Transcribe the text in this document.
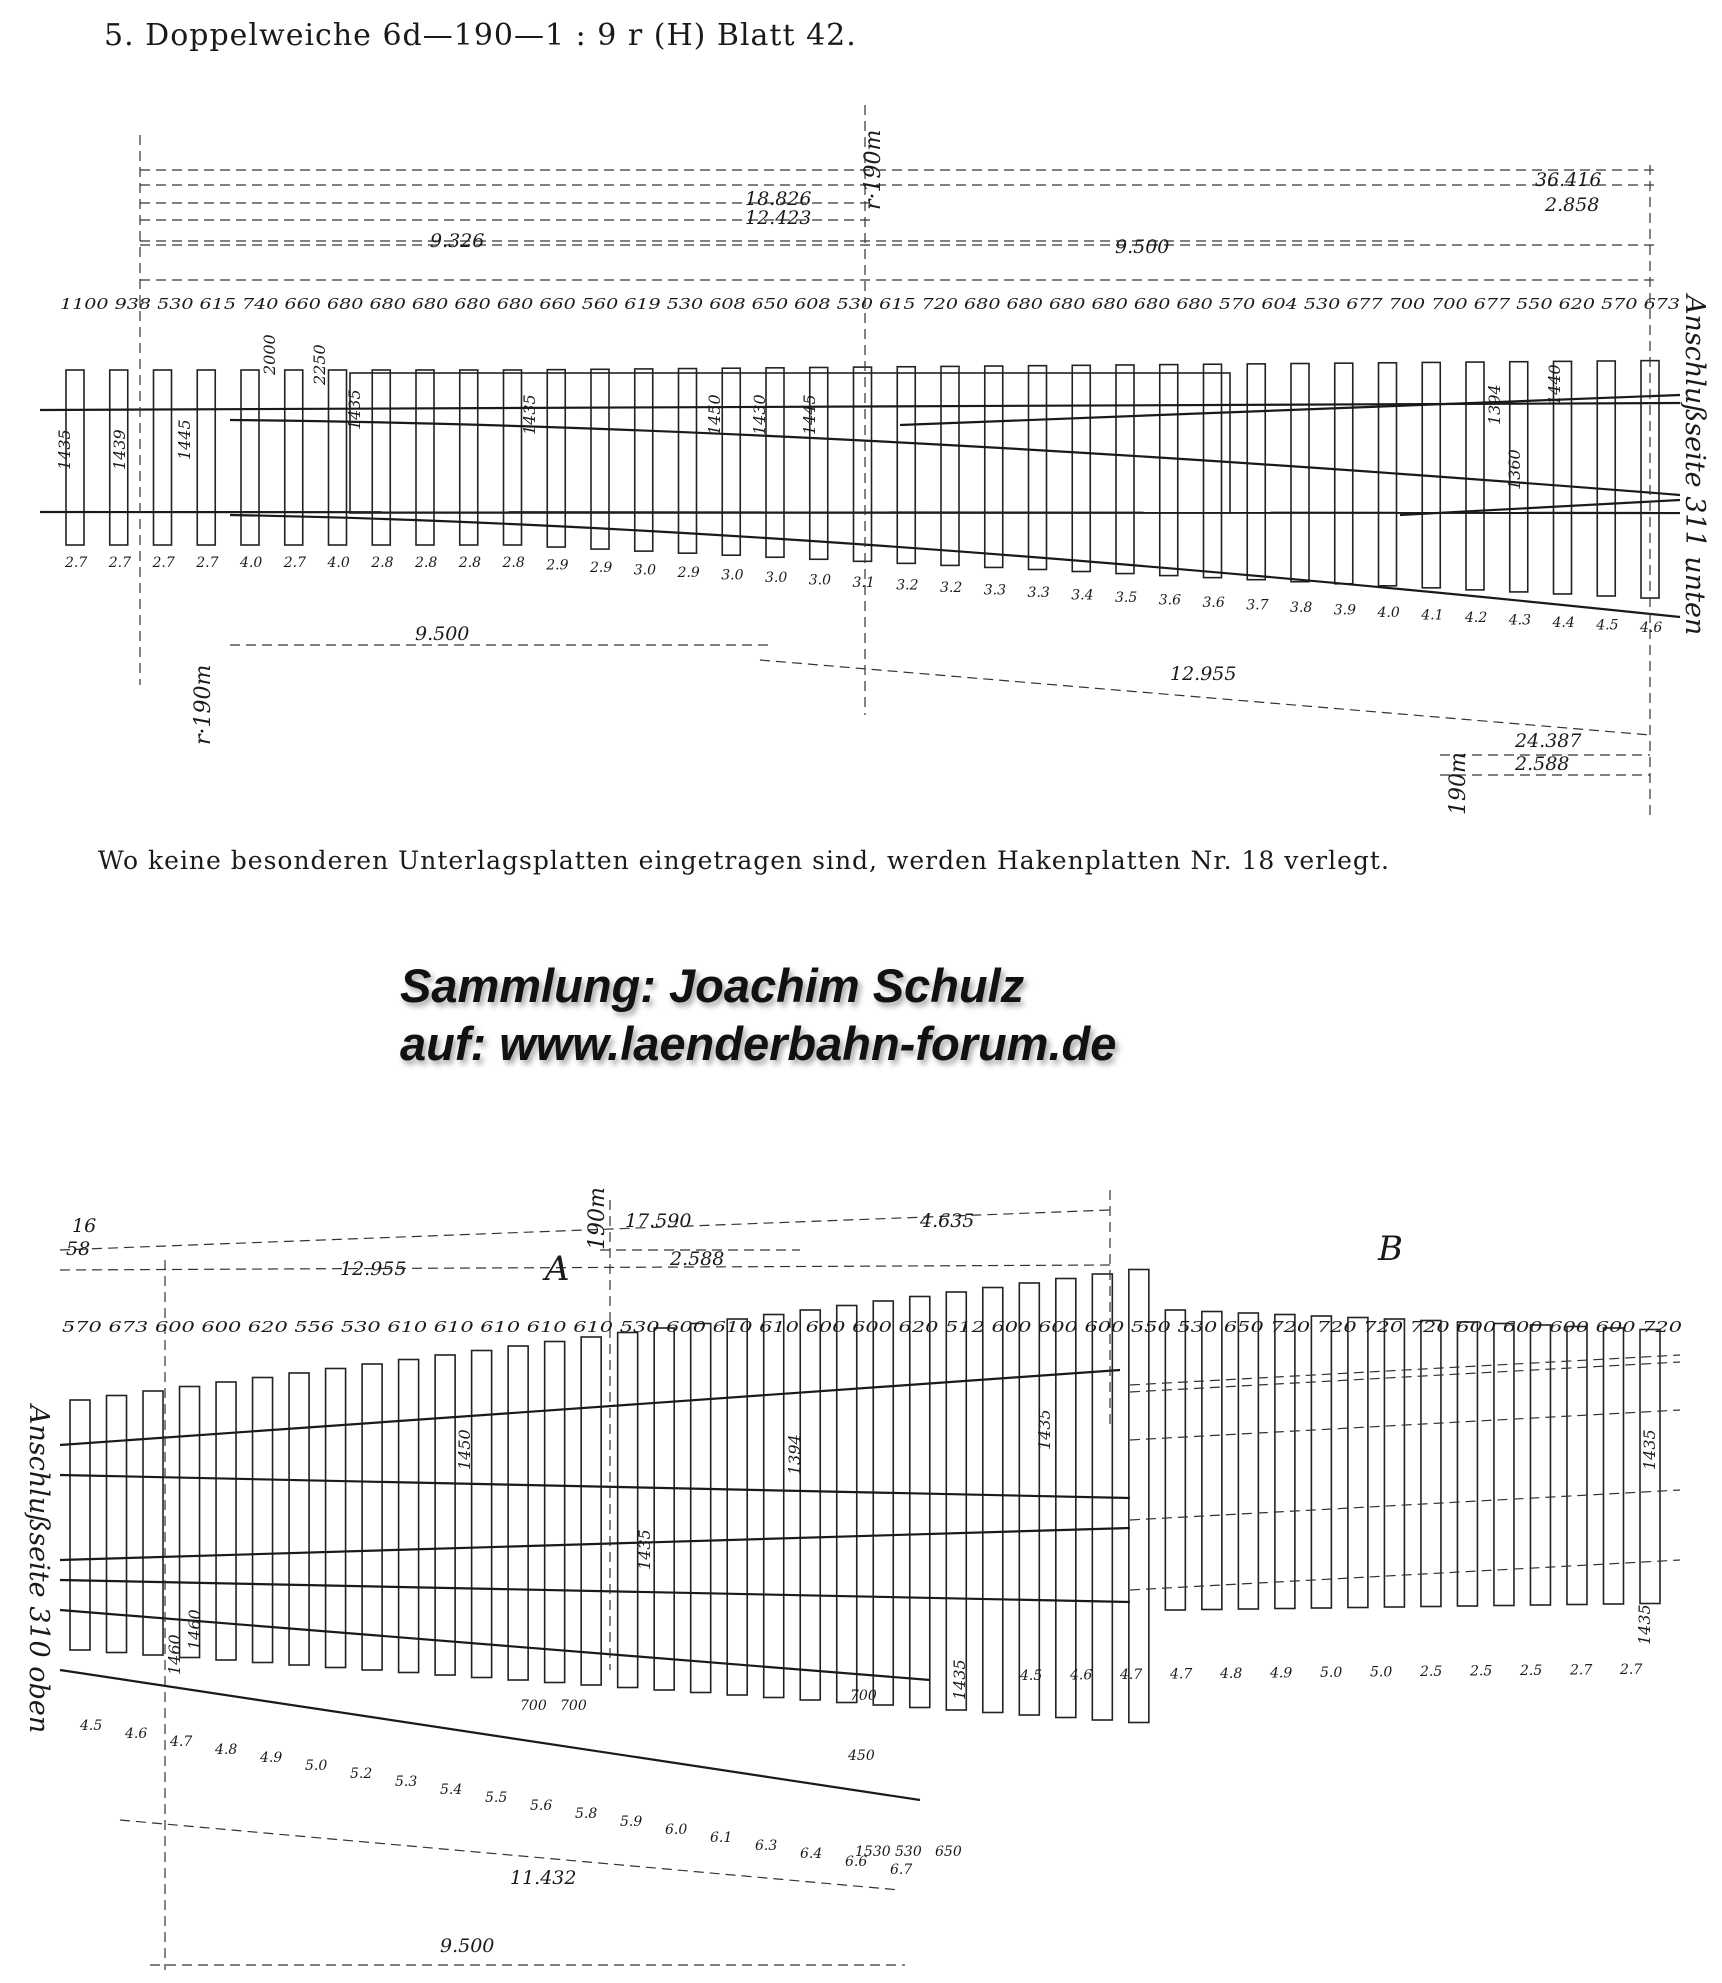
5. Doppelweiche 6d—190—1 : 9 r (H) Blatt 42.
36.416
18.826
12.423
2.858
9.326	9.500
9.500
12.955
24.387
2.588
r·190m
r·190m
190m
1100 938 530 615 740 660 680 680 680 680 680 660 560 619 530 608 650 608 530 615 720 680 680 680 680 680 680 570 604 530 677 700 700 677 550 620 570 673
1435 1439	1445
2000 2250
1435	1435	1450 1430 1445	1394	1440
1360
2.7 2.7 2.7 2.7 4.0 2.7 4.0 2.8 2.8 2.8 2.8 2.9 2.9 3.0 2.9 3.0 3.0 3.0 3.1 3.2 3.2 3.3 3.3 3.4 3.5 3.6 3.6 3.7 3.8 3.9 4.0 4.1 4.2 4.3 4.4 4.5 4.6 Anschlußseite 311 unten
Wo keine besonderen Unterlagsplatten eingetragen sind, werden Hakenplatten Nr. 18 verlegt.
Sammlung: Joachim Schulz
auf: www.laenderbahn-forum.de
16
58
12.955
17.590
2.588
4.635
11.432
9.500
A	B
190m
570 673 600 600 620 556 530 610 610 610 610 610 530 600 610 610 600 600 620 512 600 600 600 550 530 650 720 720 720 720 600 600 600 600 720
1435
1435
1435
1435
1435
1450	1394
1460
1460
4.5 4.6 4.7 4.8 4.9 5.0 5.2 5.3 5.4 5.5 5.6 5.8 5.9 6.0 6.1 6.3 6.4 6.6 6.7
4.5 4.6 4.7 4.7 4.8 4.9 5.0 5.0 2.5 2.5 2.5 2.7 2.7
700 700
700
450
1530 530 650
Anschlußseite 310 oben
